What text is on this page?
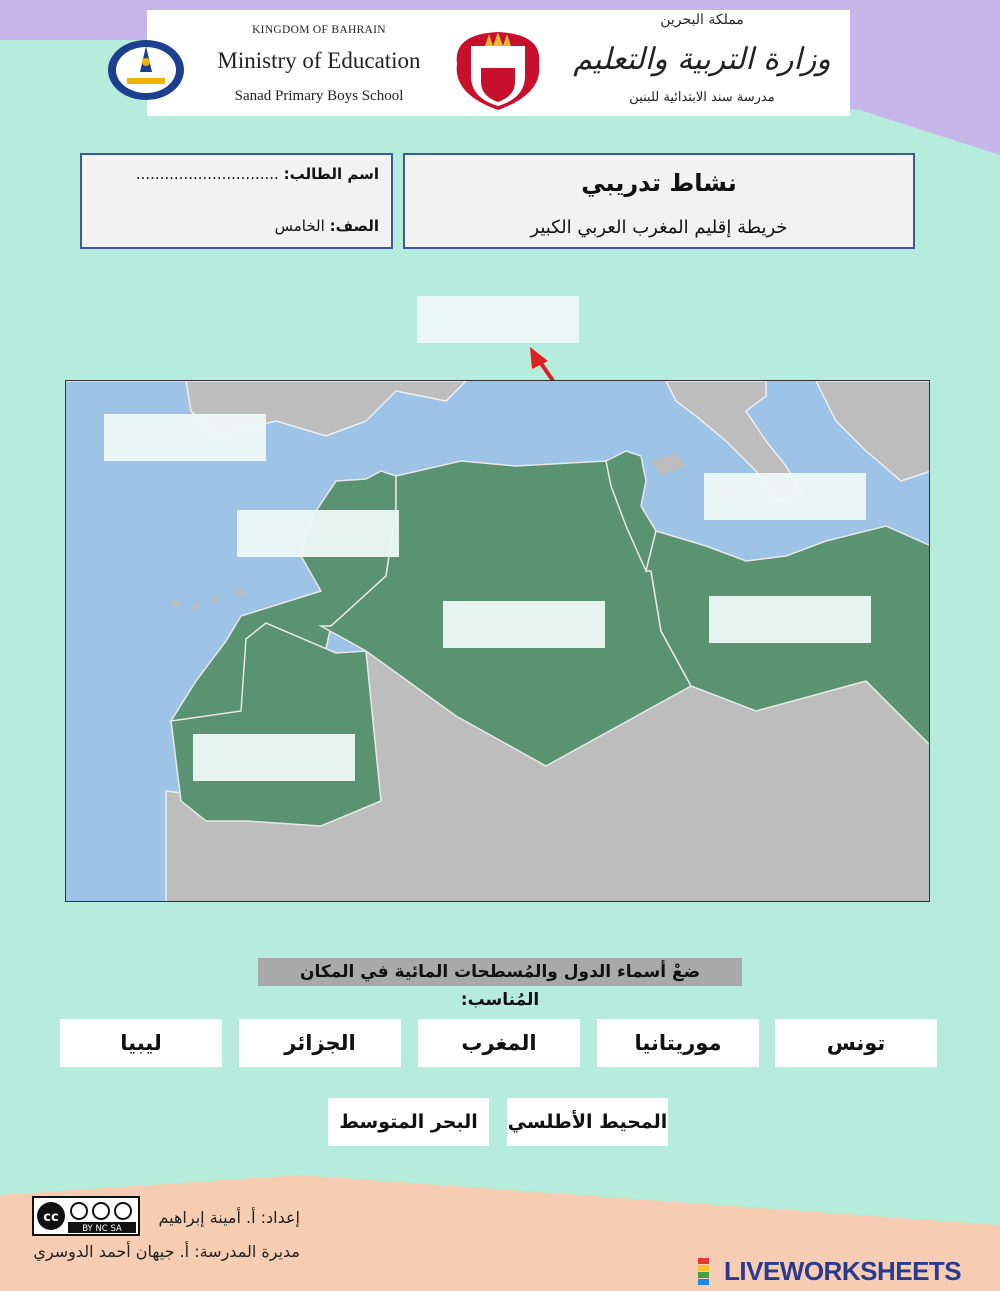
KINGDOM OF BAHRAIN
Ministry of Education
Sanad Primary Boys School
مملكة البحرين
وزارة التربية والتعليم
مدرسة سند الابتدائية للبنين
اسم الطالب: ..............................
الصف: الخامس
نشاط تدريبي
خريطة إقليم المغرب العربي الكبير
ضعْ أسماء الدول والمُسطحات المائية في المكان المُناسب:
تونس
موريتانيا
المغرب
الجزائر
ليبيا
المحيط الأطلسي
البحر المتوسط
cc
BY NC SA
إعداد: أ. أمينة إبراهيم
مديرة المدرسة: أ. جيهان أحمد الدوسري
LIVEWORKSHEETS
